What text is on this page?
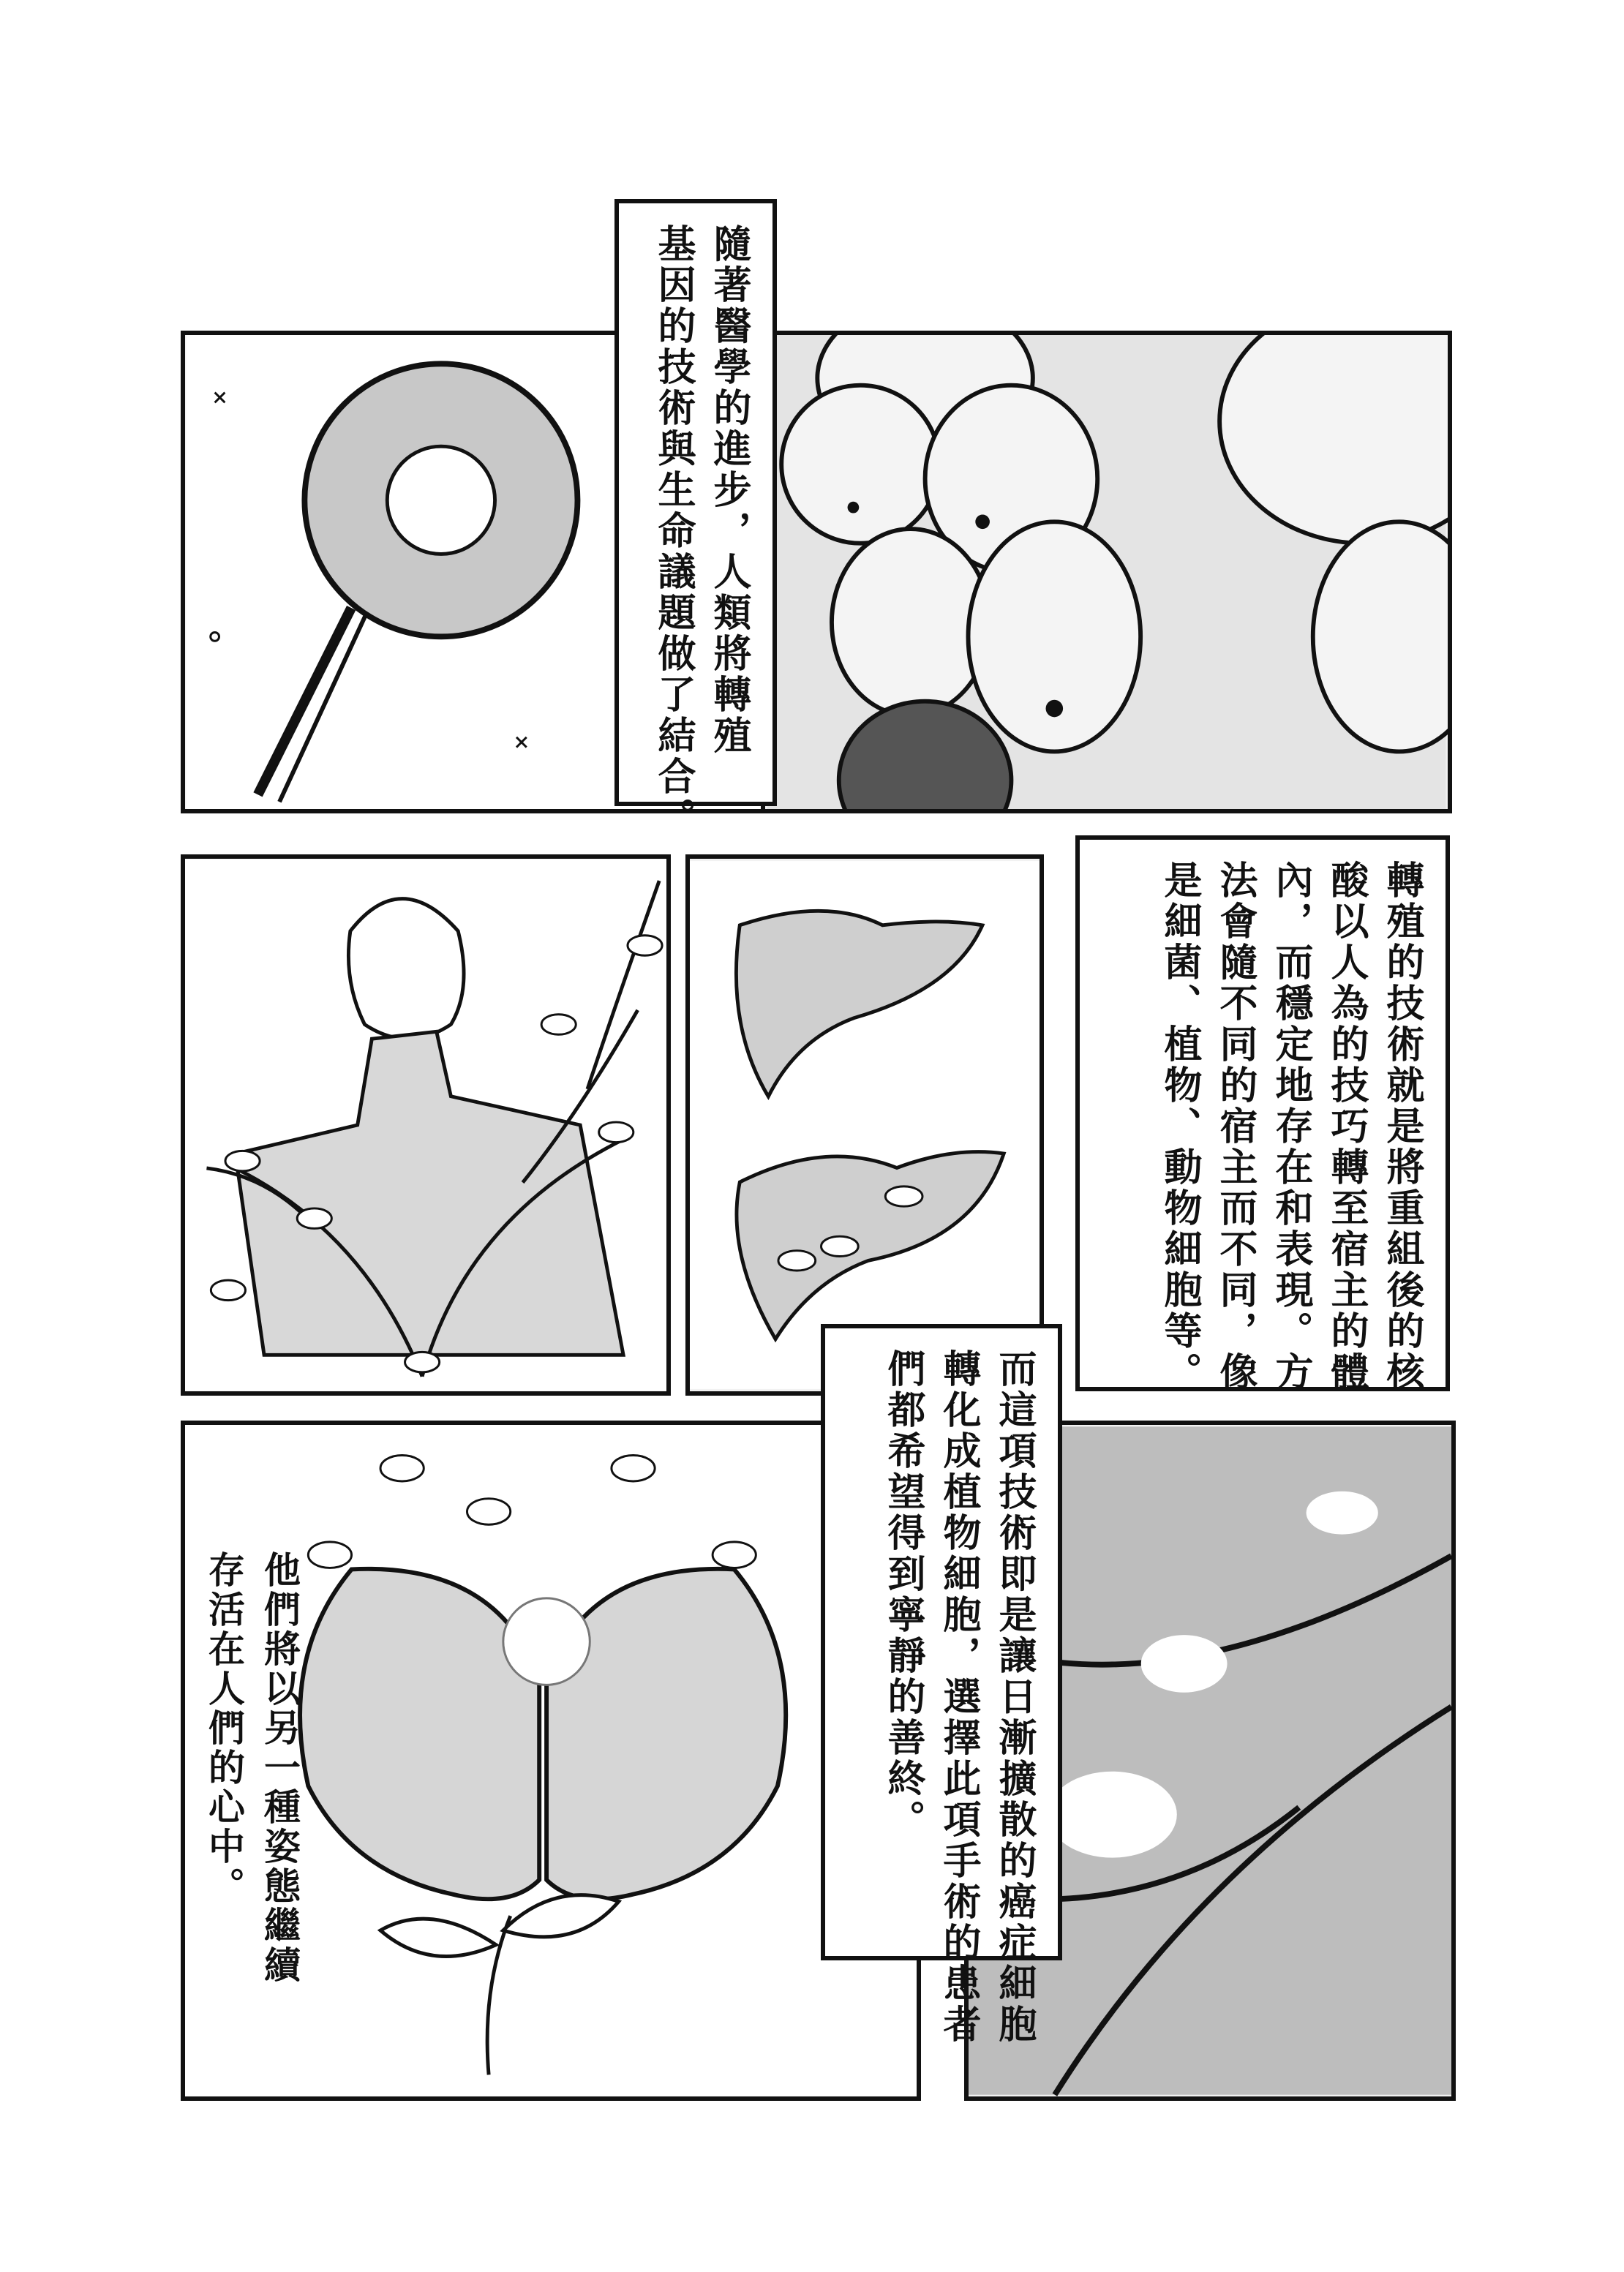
隨著醫學的進步，人類將轉殖
基因的技術與生命議題做了結合。
轉殖的技術就是將重組後的核
酸以人為的技巧轉至宿主的體
內，而穩定地存在和表現。方
法會隨不同的宿主而不同，像
是細菌、植物、動物細胞等。
他們將以另一種姿態繼續
存活在人們的心中。	而這項技術即是讓日漸擴散的癌症細胞
轉化成植物細胞，選擇此項手術的患者
們都希望得到寧靜的善終。
